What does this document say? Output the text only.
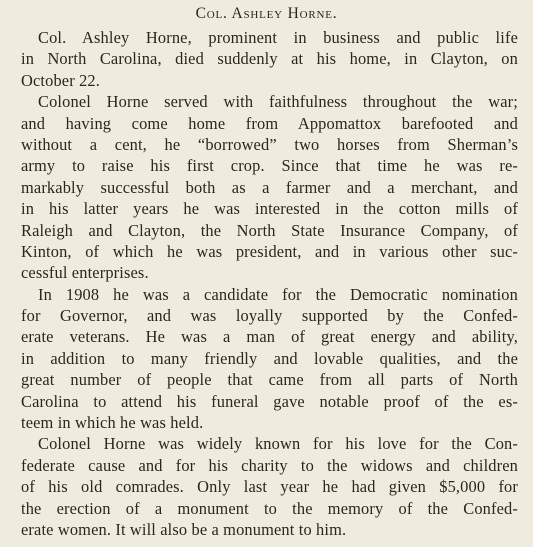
Col. Ashley Horne.
Col. Ashley Horne, prominent in business and public life
in North Carolina, died suddenly at his home, in Clayton, on
October 22.
Colonel Horne served with faithfulness throughout the war;
and having come home from Appomattox barefooted and
without a cent, he “borrowed” two horses from Sherman’s
army to raise his first crop. Since that time he was re-
markably successful both as a farmer and a merchant, and
in his latter years he was interested in the cotton mills of
Raleigh and Clayton, the North State Insurance Company, of
Kinton, of which he was president, and in various other suc-
cessful enterprises.
In 1908 he was a candidate for the Democratic nomination
for Governor, and was loyally supported by the Confed-
erate veterans. He was a man of great energy and ability,
in addition to many friendly and lovable qualities, and the
great number of people that came from all parts of North
Carolina to attend his funeral gave notable proof of the es-
teem in which he was held.
Colonel Horne was widely known for his love for the Con-
federate cause and for his charity to the widows and children
of his old comrades. Only last year he had given $5,000 for
the erection of a monument to the memory of the Confed-
erate women. It will also be a monument to him.
